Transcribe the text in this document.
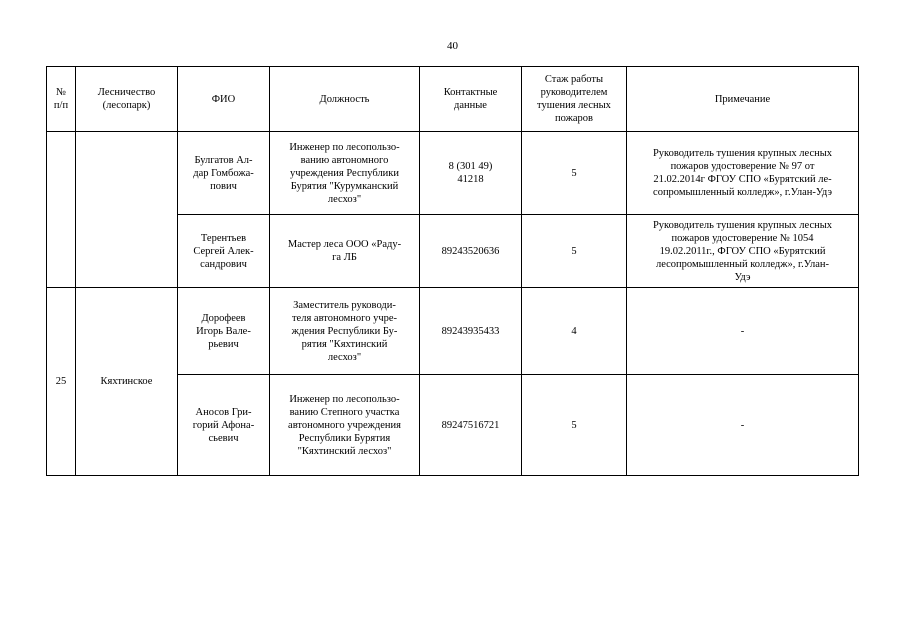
40
№
п/п	Лесничество
(лесопарк)	ФИО	Должность	Контактные
данные	Стаж работы
руководителем
тушения лесных
пожаров	Примечание

		Булгатов Ал-
дар Гомбожа-
пович	Инженер по лесопользо-
ванию автономного
учреждения Республики
Бурятия "Курумканский
лесхоз"	8 (301 49)
41218	5	Руководитель тушения крупных лесных
пожаров удостоверение № 97 от
21.02.2014г ФГОУ СПО «Бурятский ле-
сопромышленный колледж», г.Улан-Удэ

		Терентьев
Сергей Алек-
сандрович	Мастер леса ООО «Раду-
га ЛБ	89243520636	5	Руководитель тушения крупных лесных
пожаров удостоверение № 1054
19.02.2011г., ФГОУ СПО «Бурятский
лесопромышленный колледж», г.Улан-
Удэ

25	Кяхтинское	Дорофеев
Игорь Вале-
рьевич	Заместитель руководи-
теля автономного учре-
ждения Республики Бу-
рятия "Кяхтинский
лесхоз"	89243935433	4	-

		Аносов Гри-
горий Афона-
сьевич	Инженер по лесопользо-
ванию Степного участка
автономного учреждения
Республики Бурятия
"Кяхтинский лесхоз"	89247516721	5	-
